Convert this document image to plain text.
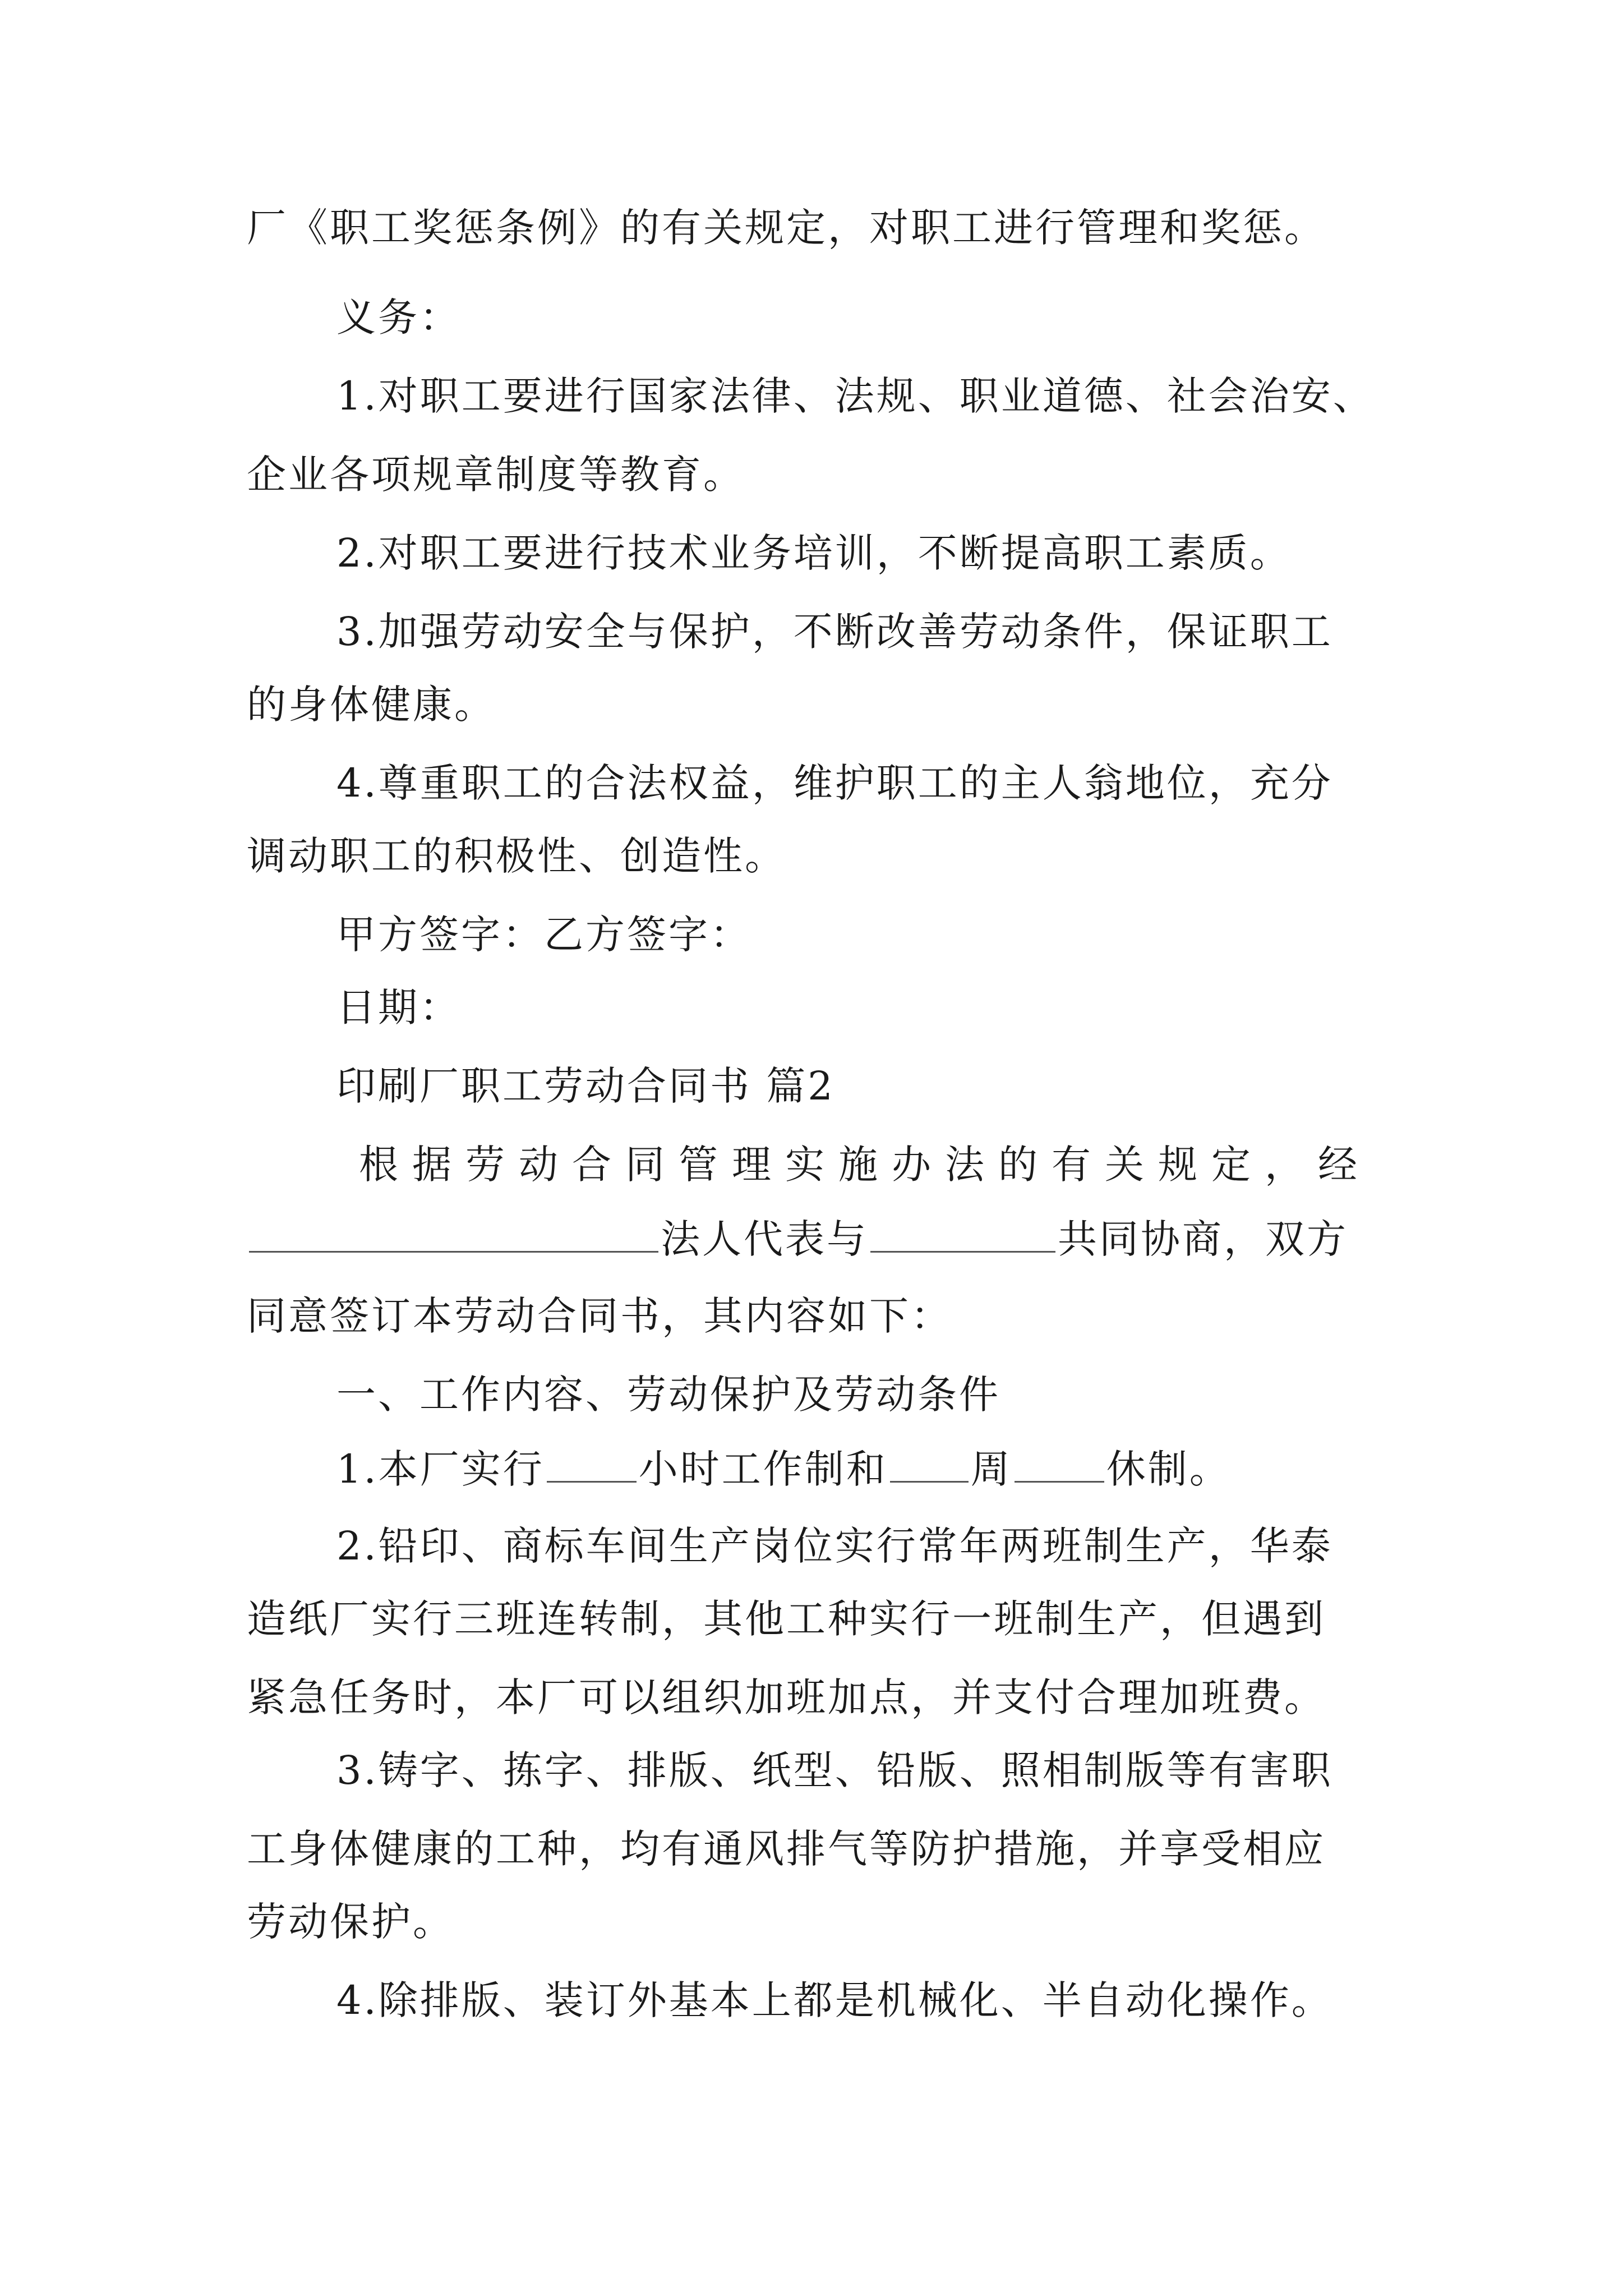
厂《职工奖惩条例》的有关规定，对职工进行管理和奖惩。
义务：
1.对职工要进行国家法律、法规、职业道德、社会治安、
企业各项规章制度等教育。
2.对职工要进行技术业务培训，不断提高职工素质。
3.加强劳动安全与保护，不断改善劳动条件，保证职工
的身体健康。
4.尊重职工的合法权益，维护职工的主人翁地位，充分
调动职工的积极性、创造性。
甲方签字：乙方签字：
日期：
印刷厂职工劳动合同书 篇2
根据劳动合同管理实施办法的有关规定，经
法人代表与	共同协商，双方
同意签订本劳动合同书，其内容如下：
一、工作内容、劳动保护及劳动条件
1.本厂实行 小时工作制和 周 休制。
2.铅印、商标车间生产岗位实行常年两班制生产，华泰
造纸厂实行三班连转制，其他工种实行一班制生产，但遇到
紧急任务时，本厂可以组织加班加点，并支付合理加班费。
3.铸字、拣字、排版、纸型、铅版、照相制版等有害职
工身体健康的工种，均有通风排气等防护措施，并享受相应
劳动保护。
4.除排版、装订外基本上都是机械化、半自动化操作。
